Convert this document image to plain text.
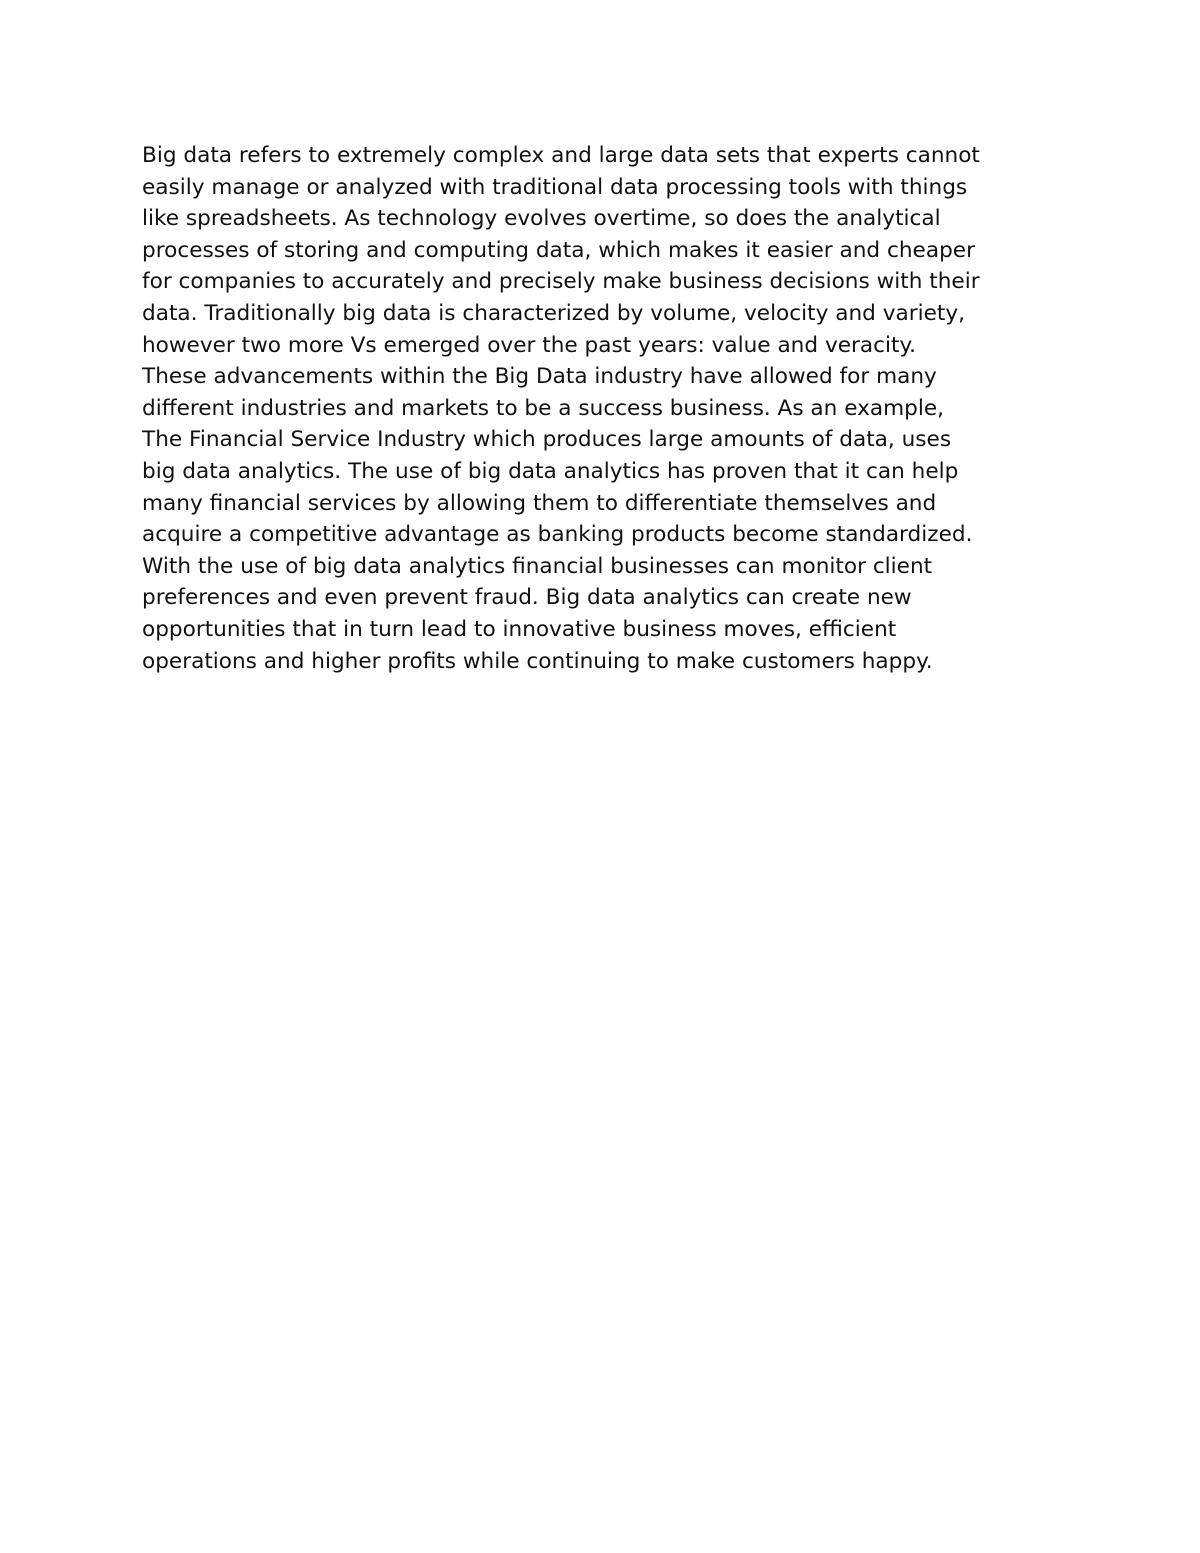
Big data refers to extremely complex and large data sets that experts cannot
easily manage or analyzed with traditional data processing tools with things
like spreadsheets. As technology evolves overtime, so does the analytical
processes of storing and computing data, which makes it easier and cheaper
for companies to accurately and precisely make business decisions with their
data. Traditionally big data is characterized by volume, velocity and variety,
however two more Vs emerged over the past years: value and veracity.
These advancements within the Big Data industry have allowed for many
different industries and markets to be a success business. As an example,
The Financial Service Industry which produces large amounts of data, uses
big data analytics. The use of big data analytics has proven that it can help
many financial services by allowing them to differentiate themselves and
acquire a competitive advantage as banking products become standardized.
With the use of big data analytics financial businesses can monitor client
preferences and even prevent fraud. Big data analytics can create new
opportunities that in turn lead to innovative business moves, efficient
operations and higher profits while continuing to make customers happy.
